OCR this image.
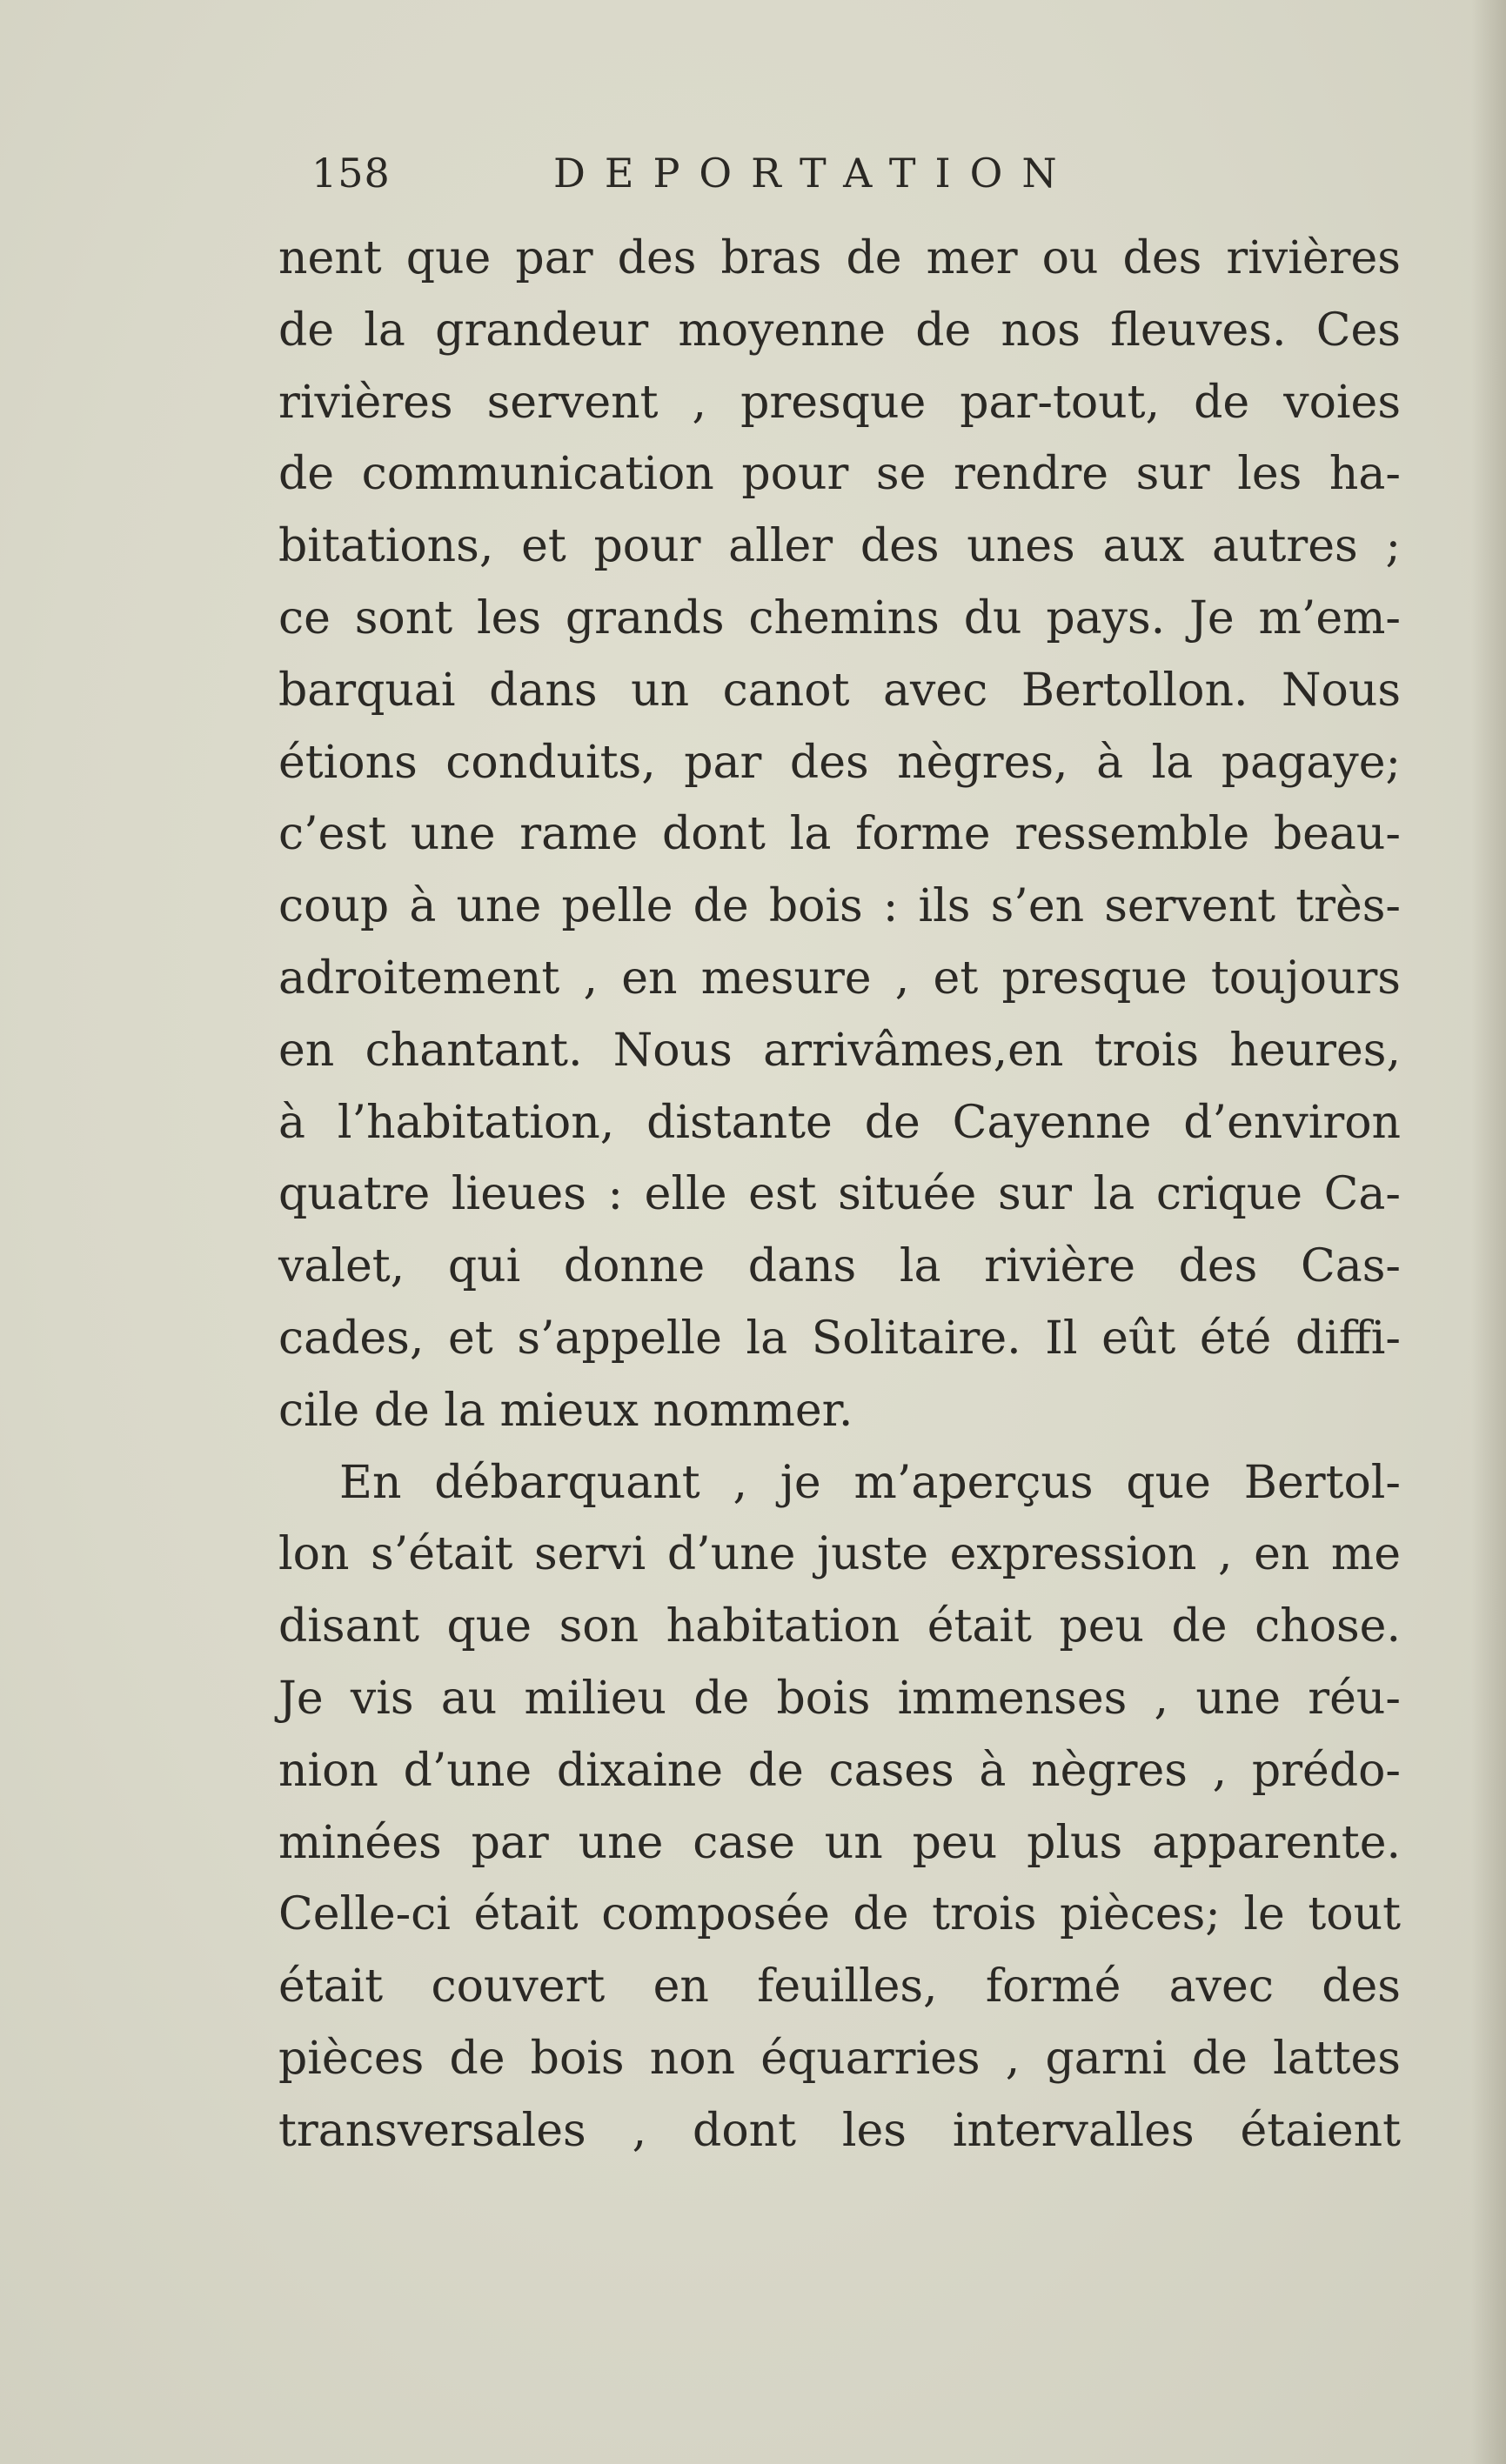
158	DEPORTATION
nent que par des bras de mer ou des rivières
de la grandeur moyenne de nos fleuves. Ces
rivières servent , presque par-tout, de voies
de communication pour se rendre sur les ha-
bitations, et pour aller des unes aux autres ;
ce sont les grands chemins du pays. Je m’em-
barquai dans un canot avec Bertollon. Nous
étions conduits, par des nègres, à la pagaye;
c’est une rame dont la forme ressemble beau-
coup à une pelle de bois : ils s’en servent très-
adroitement , en mesure , et presque toujours
en chantant. Nous arrivâmes,en trois heures,
à l’habitation, distante de Cayenne d’environ
quatre lieues : elle est située sur la crique Ca-
valet, qui donne dans la rivière des Cas-
cades, et s’appelle la Solitaire. Il eût été diffi-
cile de la mieux nommer.
En débarquant , je m’aperçus que Bertol-
lon s’était servi d’une juste expression , en me
disant que son habitation était peu de chose.
Je vis au milieu de bois immenses , une réu-
nion d’une dixaine de cases à nègres , prédo-
minées par une case un peu plus apparente.
Celle-ci était composée de trois pièces; le tout
était couvert en feuilles, formé avec des
pièces de bois non équarries , garni de lattes
transversales , dont les intervalles étaient
